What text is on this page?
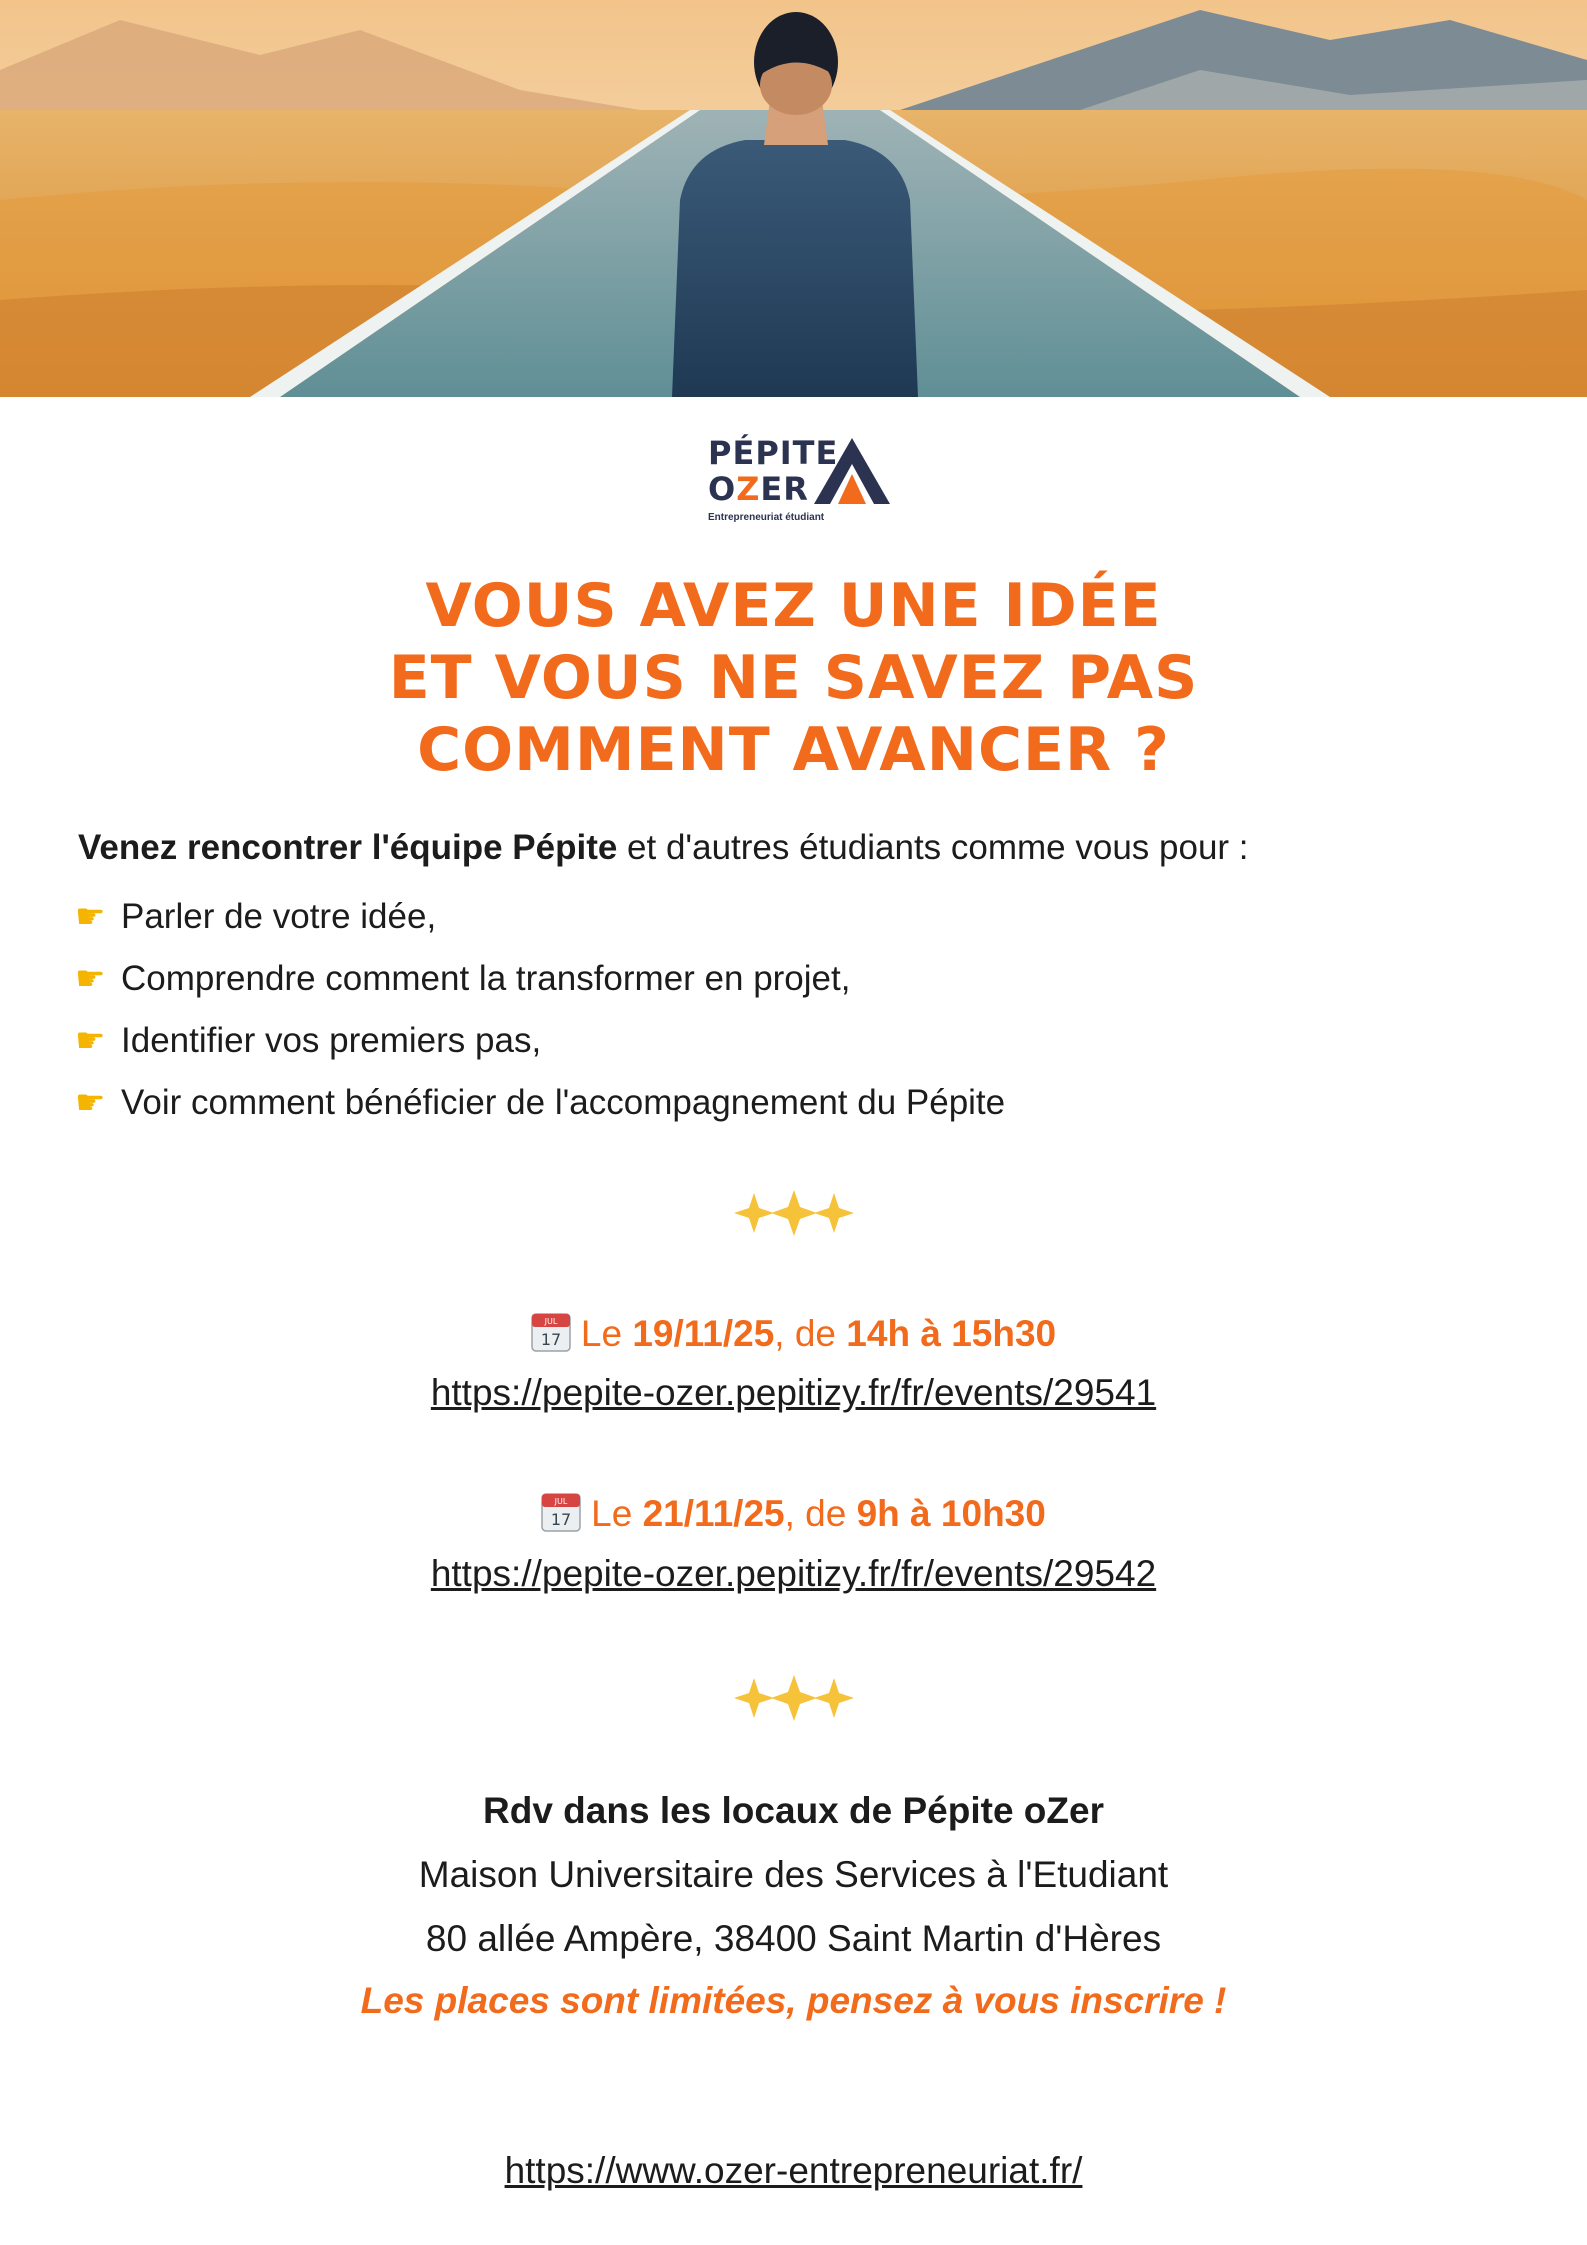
PÉPITE
OZER
Entrepreneuriat étudiant
VOUS AVEZ UNE IDÉE
ET VOUS NE SAVEZ PAS
COMMENT AVANCER ?
Venez rencontrer l'équipe Pépite et d'autres étudiants comme vous pour :
☛ Parler de votre idée,
☛ Comprendre comment la transformer en projet,
☛ Identifier vos premiers pas,
☛ Voir comment bénéficier de l'accompagnement du Pépite
JUL
17 Le 19/11/25, de 14h à 15h30
https://pepite-ozer.pepitizy.fr/fr/events/29541
JUL
17 Le 21/11/25, de 9h à 10h30
https://pepite-ozer.pepitizy.fr/fr/events/29542
Rdv dans les locaux de Pépite oZer
Maison Universitaire des Services à l'Etudiant
80 allée Ampère, 38400 Saint Martin d'Hères
Les places sont limitées, pensez à vous inscrire !
https://www.ozer-entrepreneuriat.fr/
